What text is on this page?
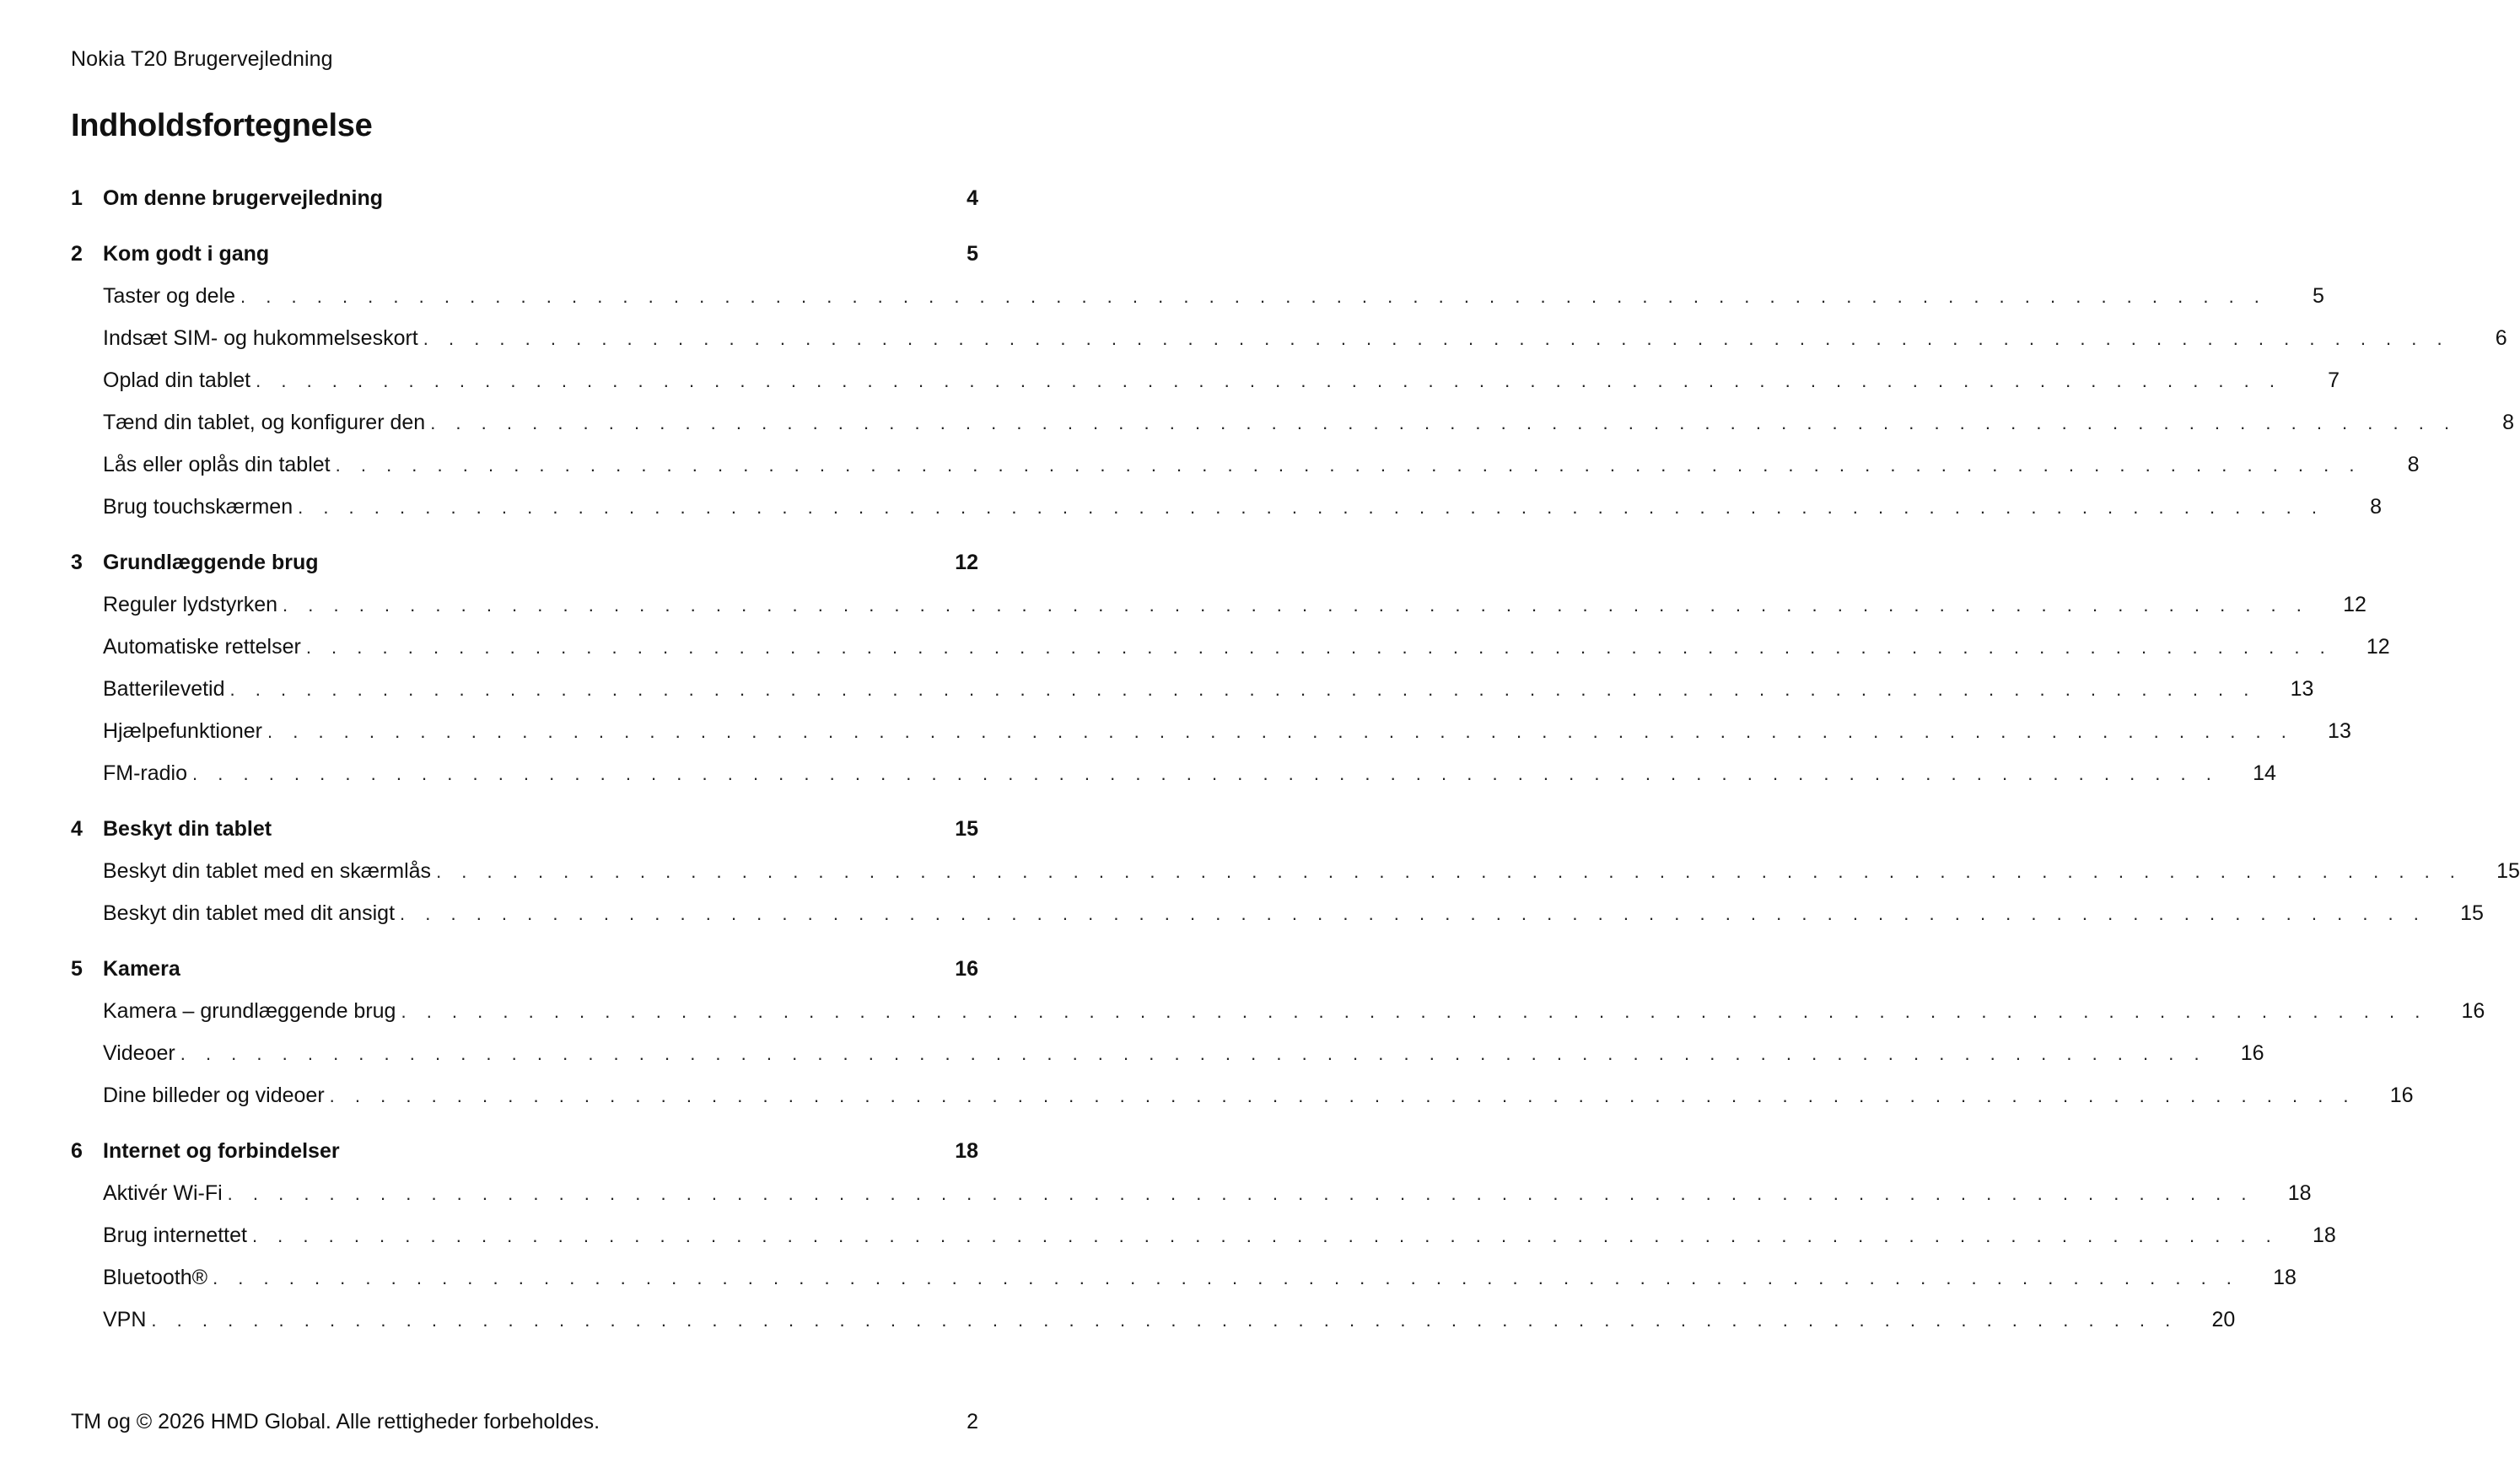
Nokia T20 Brugervejledning
Indholdsfortegnelse
1 Om denne brugervejledning	4
2 Kom godt i gang	5
Taster og dele . . . . . . . . . . . . . . . . . . . . . . . . . . . . . . . . . . . . . . . . . . . . . . . . . . . . . . . . . . . . . . . . . . . . . . . . . . . . . . . .	5
Indsæt SIM- og hukommelseskort . . . . . . . . . . . . . . . . . . . . . . . . . . . . . . . . . . . . . . . . . . . . . . . . . . . . . . . . . . . . . . . . . . . . . . . . . . . . . . . .	6
Oplad din tablet . . . . . . . . . . . . . . . . . . . . . . . . . . . . . . . . . . . . . . . . . . . . . . . . . . . . . . . . . . . . . . . . . . . . . . . . . . . . . . . .	7
Tænd din tablet, og konfigurer den . . . . . . . . . . . . . . . . . . . . . . . . . . . . . . . . . . . . . . . . . . . . . . . . . . . . . . . . . . . . . . . . . . . . . . . . . . . . . . . .	8
Lås eller oplås din tablet . . . . . . . . . . . . . . . . . . . . . . . . . . . . . . . . . . . . . . . . . . . . . . . . . . . . . . . . . . . . . . . . . . . . . . . . . . . . . . . .	8
Brug touchskærmen . . . . . . . . . . . . . . . . . . . . . . . . . . . . . . . . . . . . . . . . . . . . . . . . . . . . . . . . . . . . . . . . . . . . . . . . . . . . . . . .	8
3 Grundlæggende brug	12
Reguler lydstyrken . . . . . . . . . . . . . . . . . . . . . . . . . . . . . . . . . . . . . . . . . . . . . . . . . . . . . . . . . . . . . . . . . . . . . . . . . . . . . . . .	12
Automatiske rettelser . . . . . . . . . . . . . . . . . . . . . . . . . . . . . . . . . . . . . . . . . . . . . . . . . . . . . . . . . . . . . . . . . . . . . . . . . . . . . . . .	12
Batterilevetid . . . . . . . . . . . . . . . . . . . . . . . . . . . . . . . . . . . . . . . . . . . . . . . . . . . . . . . . . . . . . . . . . . . . . . . . . . . . . . . .	13
Hjælpefunktioner . . . . . . . . . . . . . . . . . . . . . . . . . . . . . . . . . . . . . . . . . . . . . . . . . . . . . . . . . . . . . . . . . . . . . . . . . . . . . . . .	13
FM-radio . . . . . . . . . . . . . . . . . . . . . . . . . . . . . . . . . . . . . . . . . . . . . . . . . . . . . . . . . . . . . . . . . . . . . . . . . . . . . . . .	14
4 Beskyt din tablet	15
Beskyt din tablet med en skærmlås . . . . . . . . . . . . . . . . . . . . . . . . . . . . . . . . . . . . . . . . . . . . . . . . . . . . . . . . . . . . . . . . . . . . . . . . . . . . . . . .	15
Beskyt din tablet med dit ansigt . . . . . . . . . . . . . . . . . . . . . . . . . . . . . . . . . . . . . . . . . . . . . . . . . . . . . . . . . . . . . . . . . . . . . . . . . . . . . . . .	15
5 Kamera	16
Kamera – grundlæggende brug . . . . . . . . . . . . . . . . . . . . . . . . . . . . . . . . . . . . . . . . . . . . . . . . . . . . . . . . . . . . . . . . . . . . . . . . . . . . . . . .	16
Videoer . . . . . . . . . . . . . . . . . . . . . . . . . . . . . . . . . . . . . . . . . . . . . . . . . . . . . . . . . . . . . . . . . . . . . . . . . . . . . . . .	16
Dine billeder og videoer . . . . . . . . . . . . . . . . . . . . . . . . . . . . . . . . . . . . . . . . . . . . . . . . . . . . . . . . . . . . . . . . . . . . . . . . . . . . . . . .	16
6 Internet og forbindelser	18
Aktivér Wi-Fi . . . . . . . . . . . . . . . . . . . . . . . . . . . . . . . . . . . . . . . . . . . . . . . . . . . . . . . . . . . . . . . . . . . . . . . . . . . . . . . .	18
Brug internettet . . . . . . . . . . . . . . . . . . . . . . . . . . . . . . . . . . . . . . . . . . . . . . . . . . . . . . . . . . . . . . . . . . . . . . . . . . . . . . . .	18
Bluetooth® . . . . . . . . . . . . . . . . . . . . . . . . . . . . . . . . . . . . . . . . . . . . . . . . . . . . . . . . . . . . . . . . . . . . . . . . . . . . . . . .	18
VPN . . . . . . . . . . . . . . . . . . . . . . . . . . . . . . . . . . . . . . . . . . . . . . . . . . . . . . . . . . . . . . . . . . . . . . . . . . . . . . . .	20
TM og © 2026 HMD Global. Alle rettigheder forbeholdes.	2
